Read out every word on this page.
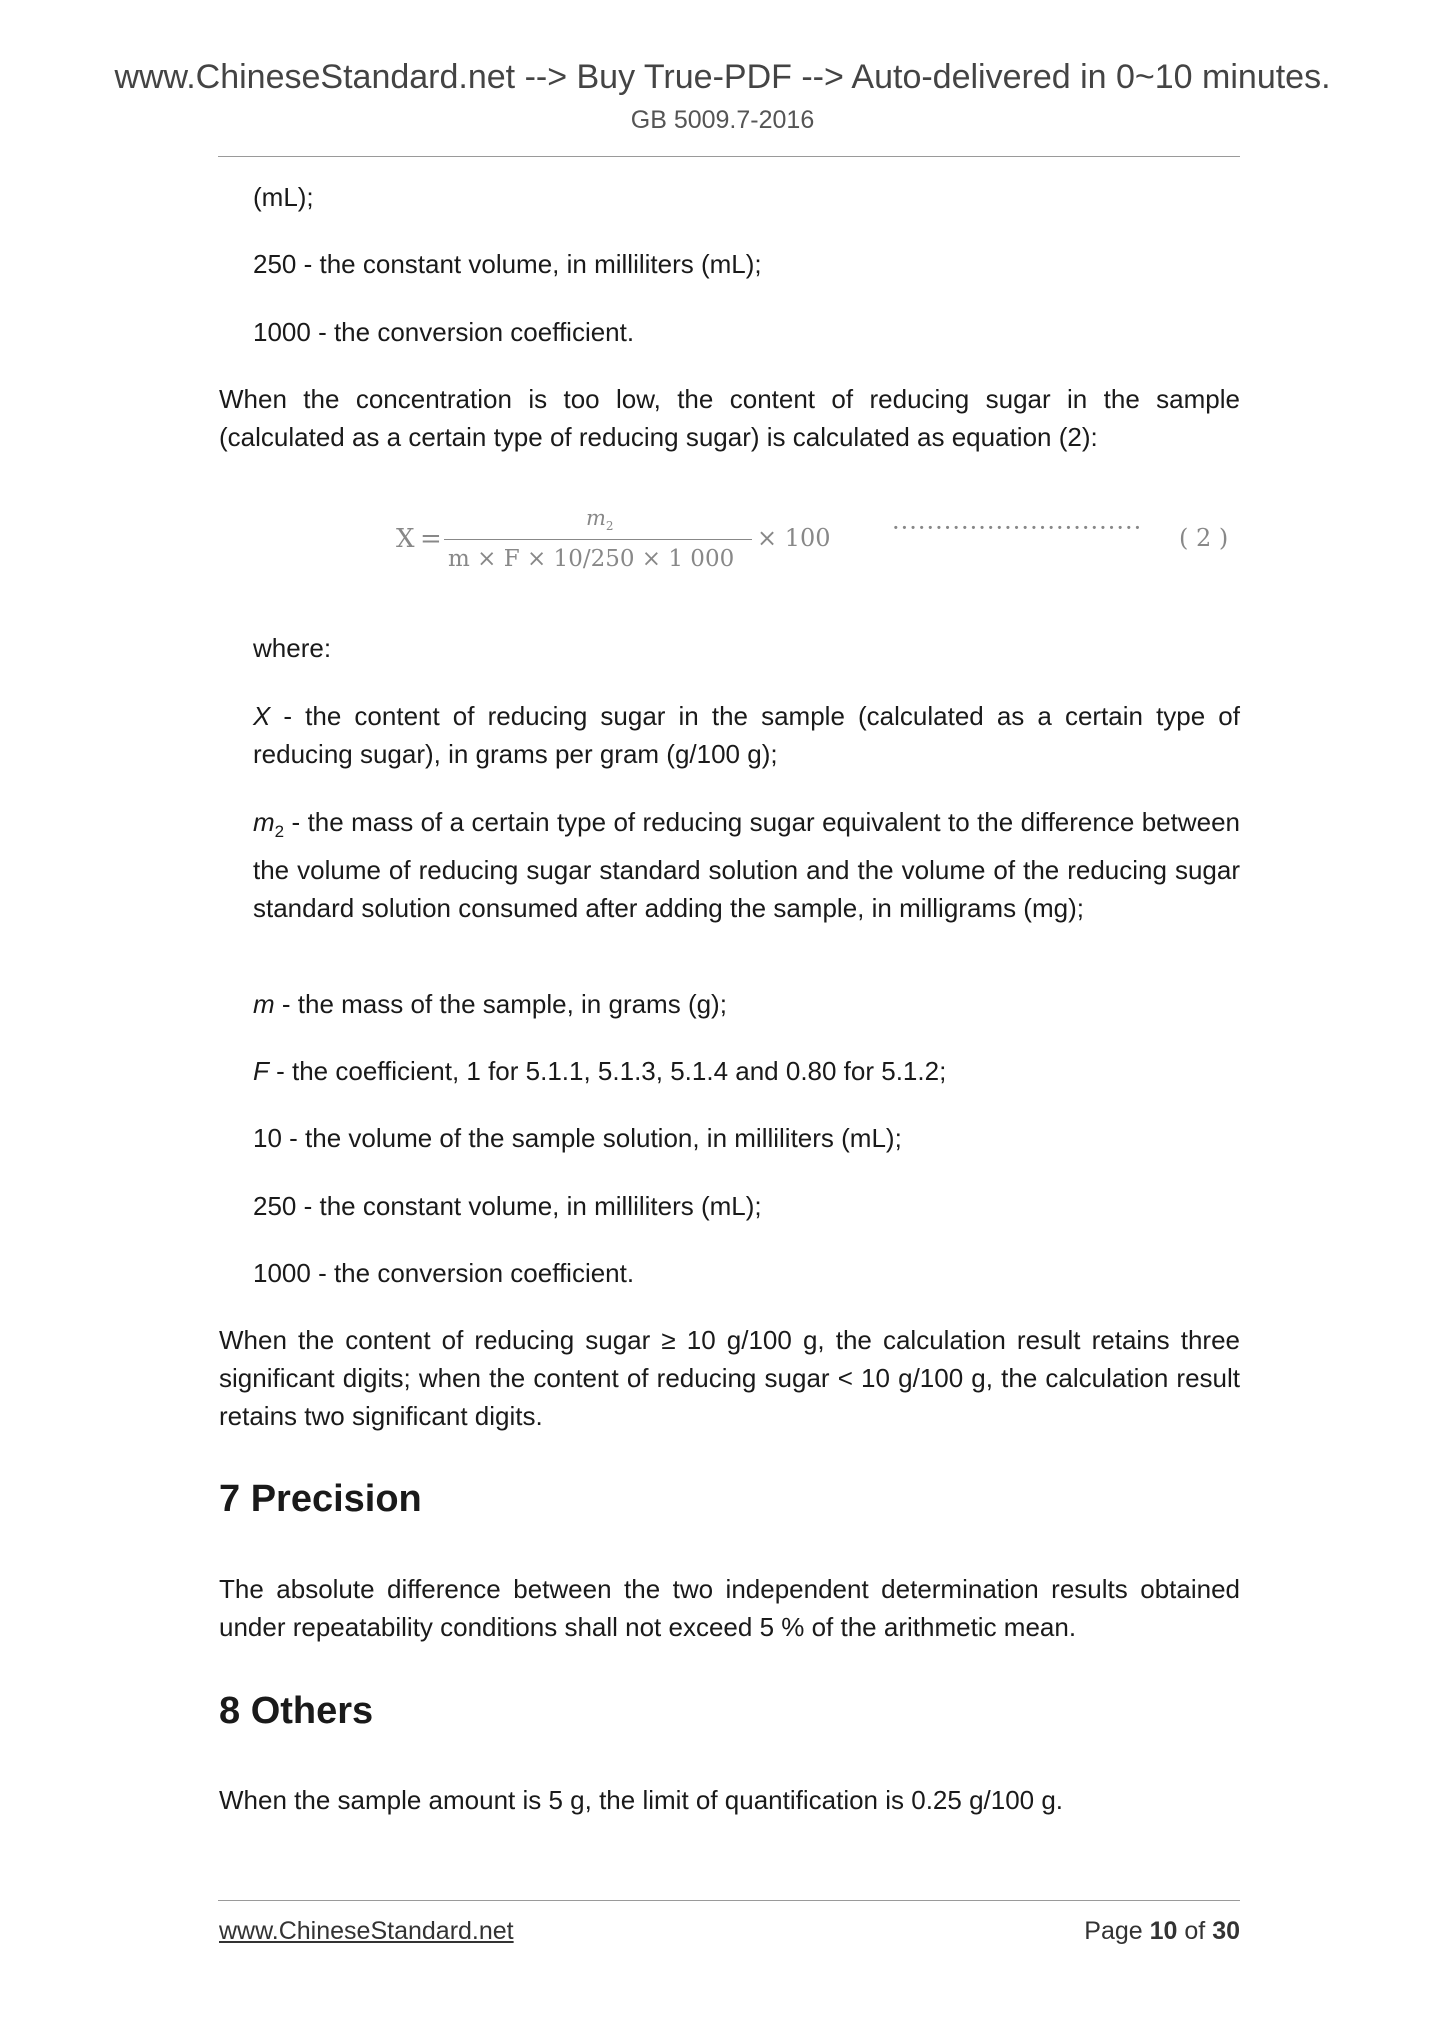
www.ChineseStandard.net --> Buy True-PDF --> Auto-delivered in 0~10 minutes.
GB 5009.7-2016

(mL);

250 - the constant volume, in milliliters (mL);

1000 - the conversion coefficient.

When the concentration is too low, the content of reducing sugar in the sample (calculated as a certain type of reducing sugar) is calculated as equation (2):

X =
$m_2$
m × F × 10/250 × 1 000
× 100	····························· ( 2 )

where:

X - the content of reducing sugar in the sample (calculated as a certain type of reducing sugar), in grams per gram (g/100 g);

$m_2$ - the mass of a certain type of reducing sugar equivalent to the difference between the volume of reducing sugar standard solution and the volume of the reducing sugar standard solution consumed after adding the sample, in milligrams (mg);

m - the mass of the sample, in grams (g);

F - the coefficient, 1 for 5.1.1, 5.1.3, 5.1.4 and 0.80 for 5.1.2;

10 - the volume of the sample solution, in milliliters (mL);

250 - the constant volume, in milliliters (mL);

1000 - the conversion coefficient.

When the content of reducing sugar ≥ 10 g/100 g, the calculation result retains three significant digits; when the content of reducing sugar < 10 g/100 g, the calculation result retains two significant digits.

7 Precision

The absolute difference between the two independent determination results obtained under repeatability conditions shall not exceed 5 % of the arithmetic mean.

8 Others

When the sample amount is 5 g, the limit of quantification is 0.25 g/100 g.

www.ChineseStandard.net	Page 10 of 30
